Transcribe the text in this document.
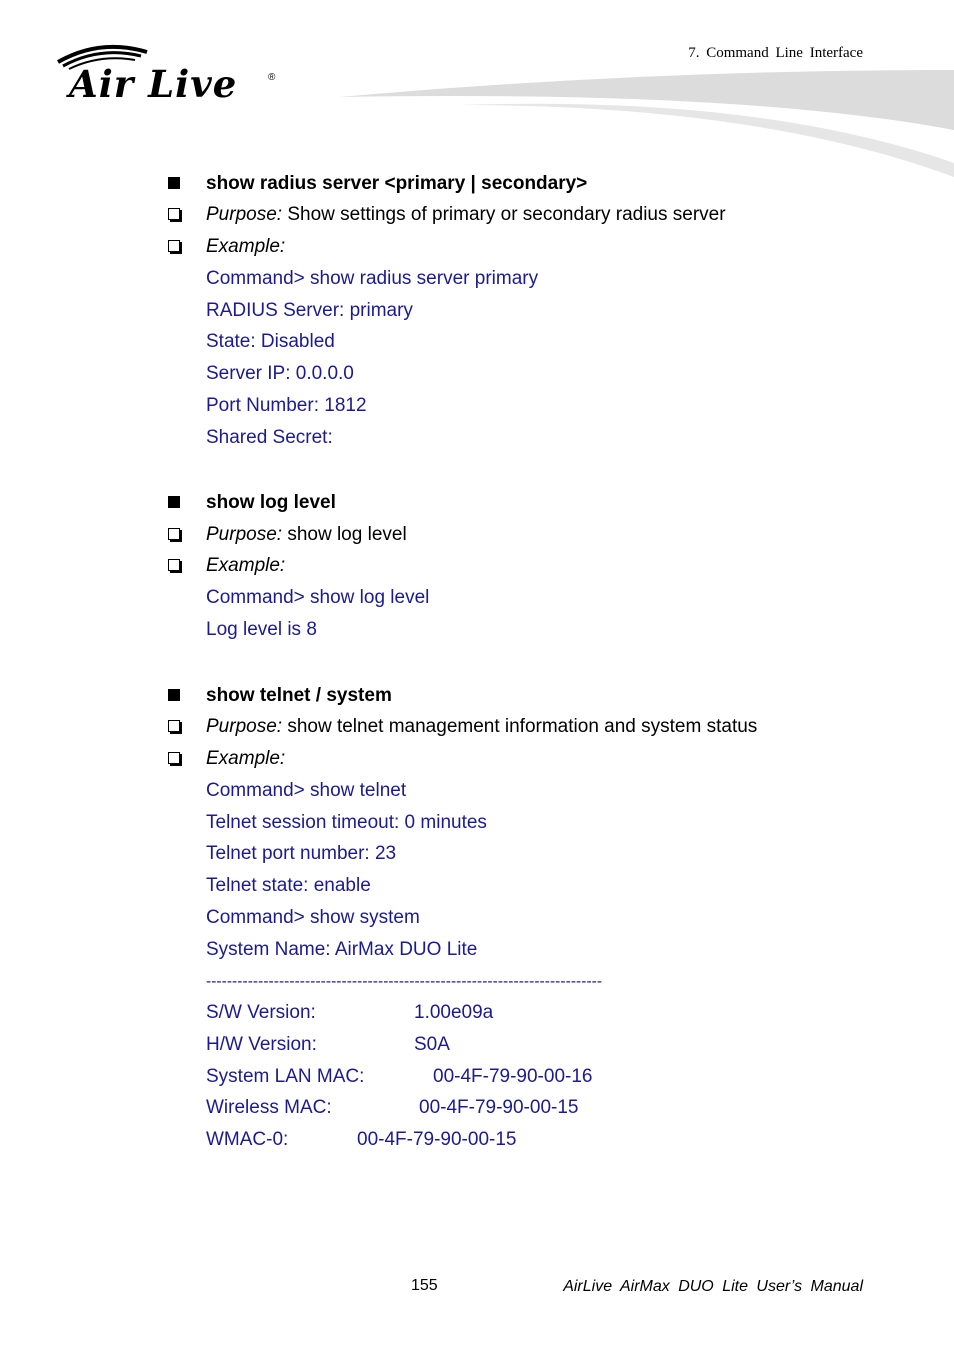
7. Command Line Interface
Air Live	®
show radius server <primary | secondary>
Purpose: Show settings of primary or secondary radius server
Example:
Command> show radius server primary
RADIUS Server: primary
State: Disabled
Server IP: 0.0.0.0
Port Number: 1812
Shared Secret:
show log level
Purpose: show log level
Example:
Command> show log level
Log level is 8
show telnet / system
Purpose: show telnet management information and system status
Example:
Command> show telnet
Telnet session timeout: 0 minutes
Telnet port number: 23
Telnet state: enable
Command> show system
System Name: AirMax DUO Lite
----------------------------------------------------------------------------
S/W Version:	1.00e09a
H/W Version:	S0A
System LAN MAC:	00-4F-79-90-00-16
Wireless MAC:	00-4F-79-90-00-15
WMAC-0:	00-4F-79-90-00-15
155	AirLive AirMax DUO Lite User’s Manual
